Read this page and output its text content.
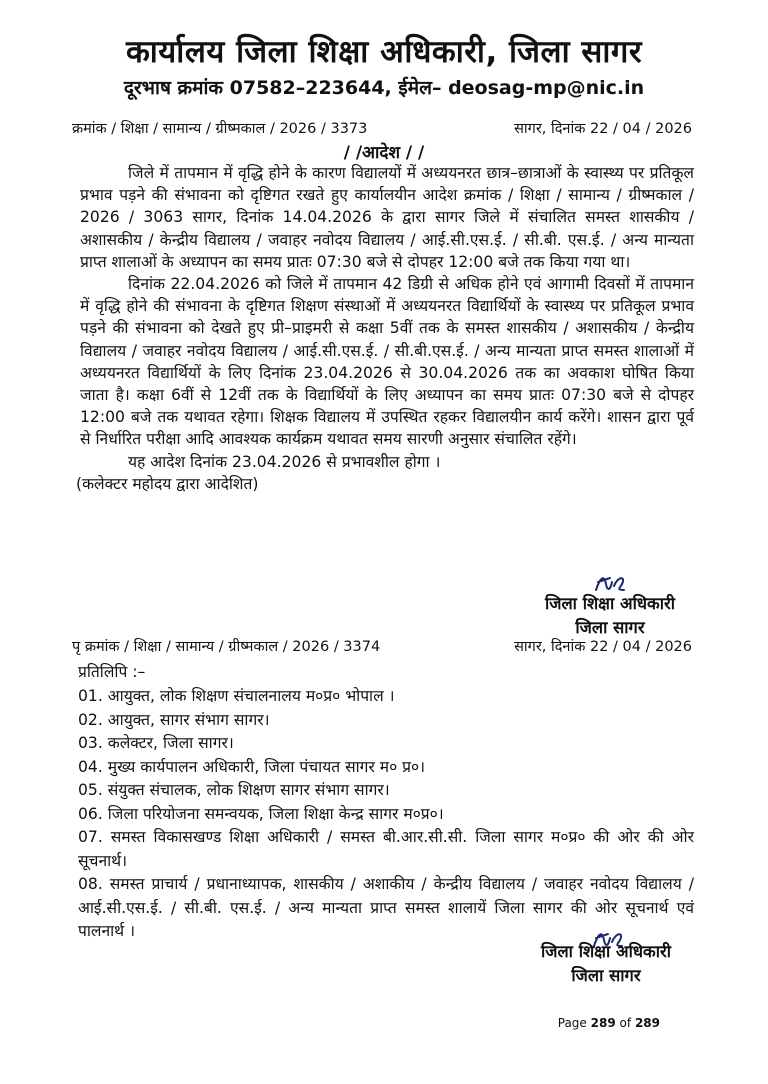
कार्यालय जिला शिक्षा अधिकारी, जिला सागर
दूरभाष क्रमांक 07582–223644, ईमेल– deosag-mp@nic.in
क्रमांक / शिक्षा / सामान्य / ग्रीष्मकाल / 2026 / 3373	सागर, दिनांक 22 / 04 / 2026
/ /आदेश / /

जिले में तापमान में वृद्धि होने के कारण विद्यालयों में अध्ययनरत छात्र–छात्राओं के स्वास्थ्य पर प्रतिकूल प्रभाव पड़ने की संभावना को दृष्टिगत रखते हुए कार्यालयीन आदेश क्रमांक / शिक्षा / सामान्य / ग्रीष्मकाल / 2026 / 3063 सागर, दिनांक 14.04.2026 के द्वारा सागर जिले में संचालित समस्त शासकीय / अशासकीय / केन्द्रीय विद्यालय / जवाहर नवोदय विद्यालय / आई.सी.एस.ई. / सी.बी. एस.ई. / अन्य मान्यता प्राप्त शालाओं के अध्यापन का समय प्रातः 07:30 बजे से दोपहर 12:00 बजे तक किया गया था।

दिनांक 22.04.2026 को जिले में तापमान 42 डिग्री से अधिक होने एवं आगामी दिवसों में तापमान में वृद्धि होने की संभावना के दृष्टिगत शिक्षण संस्थाओं में अध्ययनरत विद्यार्थियों के स्वास्थ्य पर प्रतिकूल प्रभाव पड़ने की संभावना को देखते हुए प्री–प्राइमरी से कक्षा 5वीं तक के समस्त शासकीय / अशासकीय / केन्द्रीय विद्यालय / जवाहर नवोदय विद्यालय / आई.सी.एस.ई. / सी.बी.एस.ई. / अन्य मान्यता प्राप्त समस्त शालाओं में अध्ययनरत विद्यार्थियों के लिए दिनांक 23.04.2026 से 30.04.2026 तक का अवकाश घोषित किया जाता है। कक्षा 6वीं से 12वीं तक के विद्यार्थियों के लिए अध्यापन का समय प्रातः 07:30 बजे से दोपहर 12:00 बजे तक यथावत रहेगा। शिक्षक विद्यालय में उपस्थित रहकर विद्यालयीन कार्य करेंगे। शासन द्वारा पूर्व से निर्धारित परीक्षा आदि आवश्यक कार्यक्रम यथावत समय सारणी अनुसार संचालित रहेंगे।

यह आदेश दिनांक 23.04.2026 से प्रभावशील होगा ।

(कलेक्टर महोदय द्वारा आदेशित)

जिला शिक्षा अधिकारी
जिला सागर
पृ क्रमांक / शिक्षा / सामान्य / ग्रीष्मकाल / 2026 / 3374	सागर, दिनांक 22 / 04 / 2026
प्रतिलिपि :–
01. आयुक्त, लोक शिक्षण संचालनालय म०प्र० भोपाल ।
02. आयुक्त, सागर संभाग सागर।
03. कलेक्टर, जिला सागर।
04. मुख्य कार्यपालन अधिकारी, जिला पंचायत सागर म० प्र०।
05. संयुक्त संचालक, लोक शिक्षण सागर संभाग सागर।
06. जिला परियोजना समन्वयक, जिला शिक्षा केन्द्र सागर म०प्र०।
07. समस्त विकासखण्ड शिक्षा अधिकारी / समस्त बी.आर.सी.सी. जिला सागर म०प्र० की ओर की ओर सूचनार्थ।
08. समस्त प्राचार्य / प्रधानाध्यापक, शासकीय / अशाकीय / केन्द्रीय विद्यालय / जवाहर नवोदय विद्यालय / आई.सी.एस.ई. / सी.बी. एस.ई. / अन्य मान्यता प्राप्त समस्त शालायें जिला सागर की ओर सूचनार्थ एवं पालनार्थ ।
जिला शिक्षा अधिकारी
जिला सागर
Page 289 of 289
